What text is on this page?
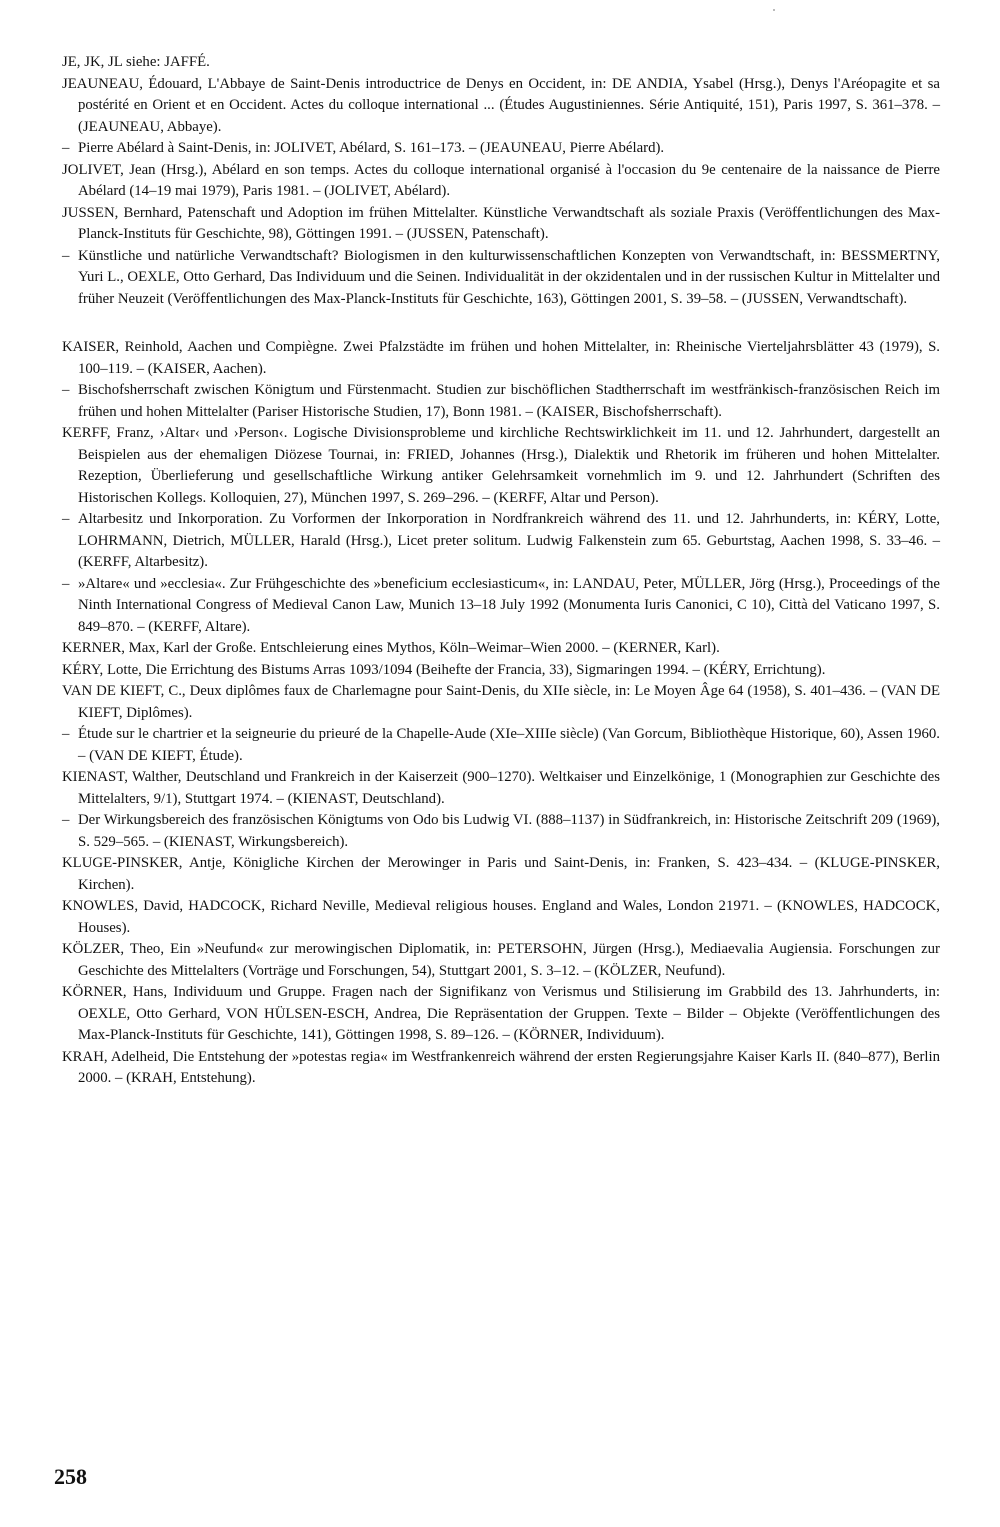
JE, JK, JL siehe: JAFFÉ.

JEAUNEAU, Édouard, L'Abbaye de Saint-Denis introductrice de Denys en Occident, in: DE ANDIA, Ysabel (Hrsg.), Denys l'Aréopagite et sa postérité en Orient et en Occident. Actes du colloque international ... (Études Augustiniennes. Série Antiquité, 151), Paris 1997, S. 361–378. – (JEAUNEAU, Abbaye).

– Pierre Abélard à Saint-Denis, in: JOLIVET, Abélard, S. 161–173. – (JEAUNEAU, Pierre Abélard).

JOLIVET, Jean (Hrsg.), Abélard en son temps. Actes du colloque international organisé à l'occasion du 9e centenaire de la naissance de Pierre Abélard (14–19 mai 1979), Paris 1981. – (JOLIVET, Abélard).

JUSSEN, Bernhard, Patenschaft und Adoption im frühen Mittelalter. Künstliche Verwandtschaft als soziale Praxis (Veröffentlichungen des Max-Planck-Instituts für Geschichte, 98), Göttingen 1991. – (JUSSEN, Patenschaft).

– Künstliche und natürliche Verwandtschaft? Biologismen in den kulturwissenschaftlichen Konzepten von Verwandtschaft, in: BESSMERTNY, Yuri L., OEXLE, Otto Gerhard, Das Individuum und die Seinen. Individualität in der okzidentalen und in der russischen Kultur in Mittelalter und früher Neuzeit (Veröffentlichungen des Max-Planck-Instituts für Geschichte, 163), Göttingen 2001, S. 39–58. – (JUSSEN, Verwandtschaft).

KAISER, Reinhold, Aachen und Compiègne. Zwei Pfalzstädte im frühen und hohen Mittelalter, in: Rheinische Vierteljahrsblätter 43 (1979), S. 100–119. – (KAISER, Aachen).

– Bischofsherrschaft zwischen Königtum und Fürstenmacht. Studien zur bischöflichen Stadtherrschaft im westfränkisch-französischen Reich im frühen und hohen Mittelalter (Pariser Historische Studien, 17), Bonn 1981. – (KAISER, Bischofsherrschaft).

KERFF, Franz, ›Altar‹ und ›Person‹. Logische Divisionsprobleme und kirchliche Rechtswirklichkeit im 11. und 12. Jahrhundert, dargestellt an Beispielen aus der ehemaligen Diözese Tournai, in: FRIED, Johannes (Hrsg.), Dialektik und Rhetorik im früheren und hohen Mittelalter. Rezeption, Überlieferung und gesellschaftliche Wirkung antiker Gelehrsamkeit vornehmlich im 9. und 12. Jahrhundert (Schriften des Historischen Kollegs. Kolloquien, 27), München 1997, S. 269–296. – (KERFF, Altar und Person).

– Altarbesitz und Inkorporation. Zu Vorformen der Inkorporation in Nordfrankreich während des 11. und 12. Jahrhunderts, in: KÉRY, Lotte, LOHRMANN, Dietrich, MÜLLER, Harald (Hrsg.), Licet preter solitum. Ludwig Falkenstein zum 65. Geburtstag, Aachen 1998, S. 33–46. – (KERFF, Altarbesitz).

– »Altare« und »ecclesia«. Zur Frühgeschichte des »beneficium ecclesiasticum«, in: LANDAU, Peter, MÜLLER, Jörg (Hrsg.), Proceedings of the Ninth International Congress of Medieval Canon Law, Munich 13–18 July 1992 (Monumenta Iuris Canonici, C 10), Città del Vaticano 1997, S. 849–870. – (KERFF, Altare).

KERNER, Max, Karl der Große. Entschleierung eines Mythos, Köln–Weimar–Wien 2000. – (KERNER, Karl).

KÉRY, Lotte, Die Errichtung des Bistums Arras 1093/1094 (Beihefte der Francia, 33), Sigmaringen 1994. – (KÉRY, Errichtung).

VAN DE KIEFT, C., Deux diplômes faux de Charlemagne pour Saint-Denis, du XIIe siècle, in: Le Moyen Âge 64 (1958), S. 401–436. – (VAN DE KIEFT, Diplômes).

– Étude sur le chartrier et la seigneurie du prieuré de la Chapelle-Aude (XIe–XIIIe siècle) (Van Gorcum, Bibliothèque Historique, 60), Assen 1960. – (VAN DE KIEFT, Étude).

KIENAST, Walther, Deutschland und Frankreich in der Kaiserzeit (900–1270). Weltkaiser und Einzelkönige, 1 (Monographien zur Geschichte des Mittelalters, 9/1), Stuttgart 1974. – (KIENAST, Deutschland).

– Der Wirkungsbereich des französischen Königtums von Odo bis Ludwig VI. (888–1137) in Südfrankreich, in: Historische Zeitschrift 209 (1969), S. 529–565. – (KIENAST, Wirkungsbereich).

KLUGE-PINSKER, Antje, Königliche Kirchen der Merowinger in Paris und Saint-Denis, in: Franken, S. 423–434. – (KLUGE-PINSKER, Kirchen).

KNOWLES, David, HADCOCK, Richard Neville, Medieval religious houses. England and Wales, London 21971. – (KNOWLES, HADCOCK, Houses).

KÖLZER, Theo, Ein »Neufund« zur merowingischen Diplomatik, in: PETERSOHN, Jürgen (Hrsg.), Mediaevalia Augiensia. Forschungen zur Geschichte des Mittelalters (Vorträge und Forschungen, 54), Stuttgart 2001, S. 3–12. – (KÖLZER, Neufund).

KÖRNER, Hans, Individuum und Gruppe. Fragen nach der Signifikanz von Verismus und Stilisierung im Grabbild des 13. Jahrhunderts, in: OEXLE, Otto Gerhard, VON HÜLSEN-ESCH, Andrea, Die Repräsentation der Gruppen. Texte – Bilder – Objekte (Veröffentlichungen des Max-Planck-Instituts für Geschichte, 141), Göttingen 1998, S. 89–126. – (KÖRNER, Individuum).

KRAH, Adelheid, Die Entstehung der »potestas regia« im Westfrankenreich während der ersten Regierungsjahre Kaiser Karls II. (840–877), Berlin 2000. – (KRAH, Entstehung).

258
